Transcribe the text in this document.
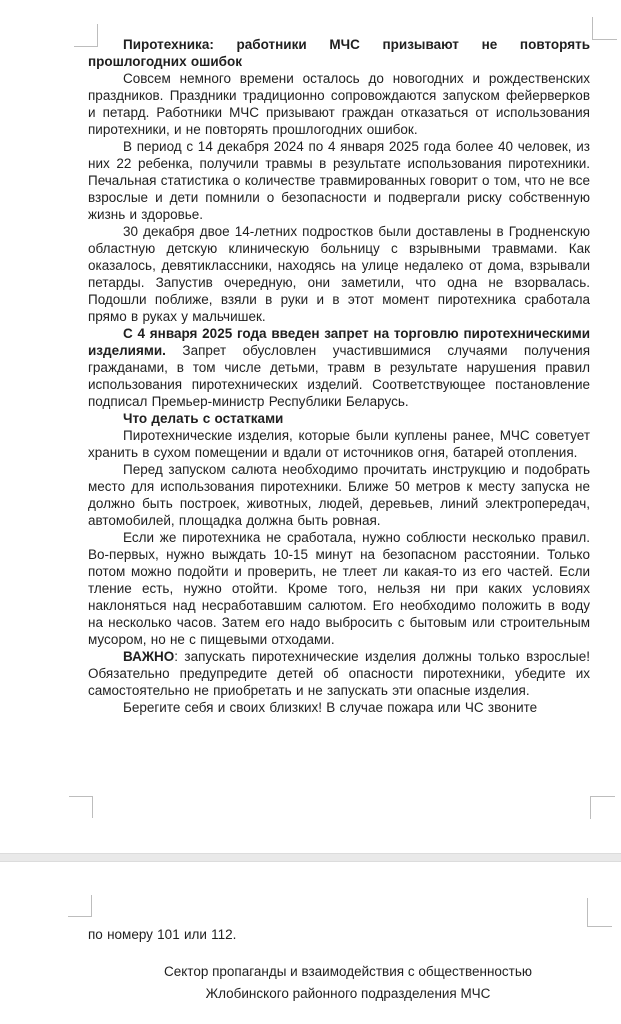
Пиротехника: работники МЧС призывают не повторять прошлогодних ошибок

Совсем немного времени осталось до новогодних и рождественских праздников. Праздники традиционно сопровождаются запуском фейерверков и петард. Работники МЧС призывают граждан отказаться от использования пиротехники, и не повторять прошлогодних ошибок.

В период с 14 декабря 2024 по 4 января 2025 года более 40 человек, из них 22 ребенка, получили травмы в результате использования пиротехники. Печальная статистика о количестве травмированных говорит о том, что не все взрослые и дети помнили о безопасности и подвергали риску собственную жизнь и здоровье.

30 декабря двое 14-летних подростков были доставлены в Гродненскую областную детскую клиническую больницу с взрывными травмами. Как оказалось, девятиклассники, находясь на улице недалеко от дома, взрывали петарды. Запустив очередную, они заметили, что одна не взорвалась. Подошли поближе, взяли в руки и в этот момент пиротехника сработала прямо в руках у мальчишек.

С 4 января 2025 года введен запрет на торговлю пиротехническими изделиями. Запрет обусловлен участившимися случаями получения гражданами, в том числе детьми, травм в результате нарушения правил использования пиротехнических изделий. Соответствующее постановление подписал Премьер-министр Республики Беларусь.

Что делать с остатками

Пиротехнические изделия, которые были куплены ранее, МЧС советует хранить в сухом помещении и вдали от источников огня, батарей отопления.

Перед запуском салюта необходимо прочитать инструкцию и подобрать место для использования пиротехники. Ближе 50 метров к месту запуска не должно быть построек, животных, людей, деревьев, линий электропередач, автомобилей, площадка должна быть ровная.

Если же пиротехника не сработала, нужно соблюсти несколько правил. Во-первых, нужно выждать 10-15 минут на безопасном расстоянии. Только потом можно подойти и проверить, не тлеет ли какая-то из его частей. Если тление есть, нужно отойти. Кроме того, нельзя ни при каких условиях наклоняться над несработавшим салютом. Его необходимо положить в воду на несколько часов. Затем его надо выбросить с бытовым или строительным мусором, но не с пищевыми отходами.

ВАЖНО: запускать пиротехнические изделия должны только взрослые! Обязательно предупредите детей об опасности пиротехники, убедите их самостоятельно не приобретать и не запускать эти опасные изделия.

Берегите себя и своих близких! В случае пожара или ЧС звоните

по номеру 101 или 112.

Сектор пропаганды и взаимодействия с общественностью
Жлобинского районного подразделения МЧС
